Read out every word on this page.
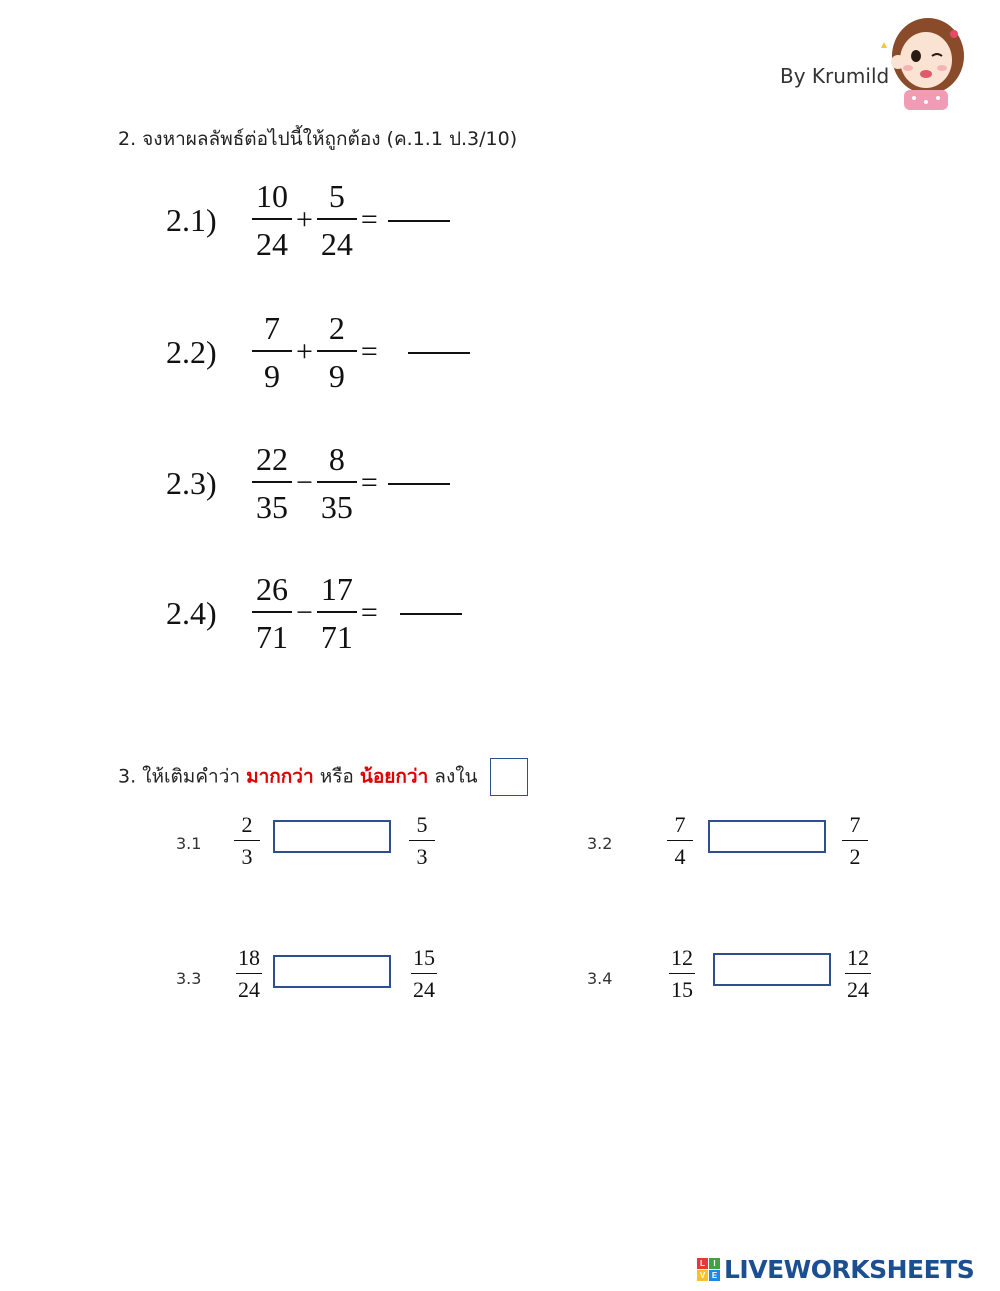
By Krumild
2. จงหาผลลัพธ์ต่อไปนี้ให้ถูกต้อง (ค.1.1 ป.3/10)
2.1)	$\frac{10}{24} + \frac{5}{24}$ =
2.2)	$\frac{7}{9} + \frac{2}{9}$ =
2.3)	$\frac{22}{35} - \frac{8}{35}$ =
2.4)	$\frac{26}{71} - \frac{17}{71}$ =
3. ให้เติมคำว่า มากกว่า หรือ น้อยกว่า ลงใน
$3.1 \frac{2}{3}$	$\frac{5}{3}$	$3.2 \frac{7}{4}$	$\frac{7}{2}$
$3.3 \frac{18}{24}$	$\frac{15}{24}$	3.4	$\frac{12}{15}$	$\frac{12}{24}$
L	I
V E LIVEWORKSHEETS
